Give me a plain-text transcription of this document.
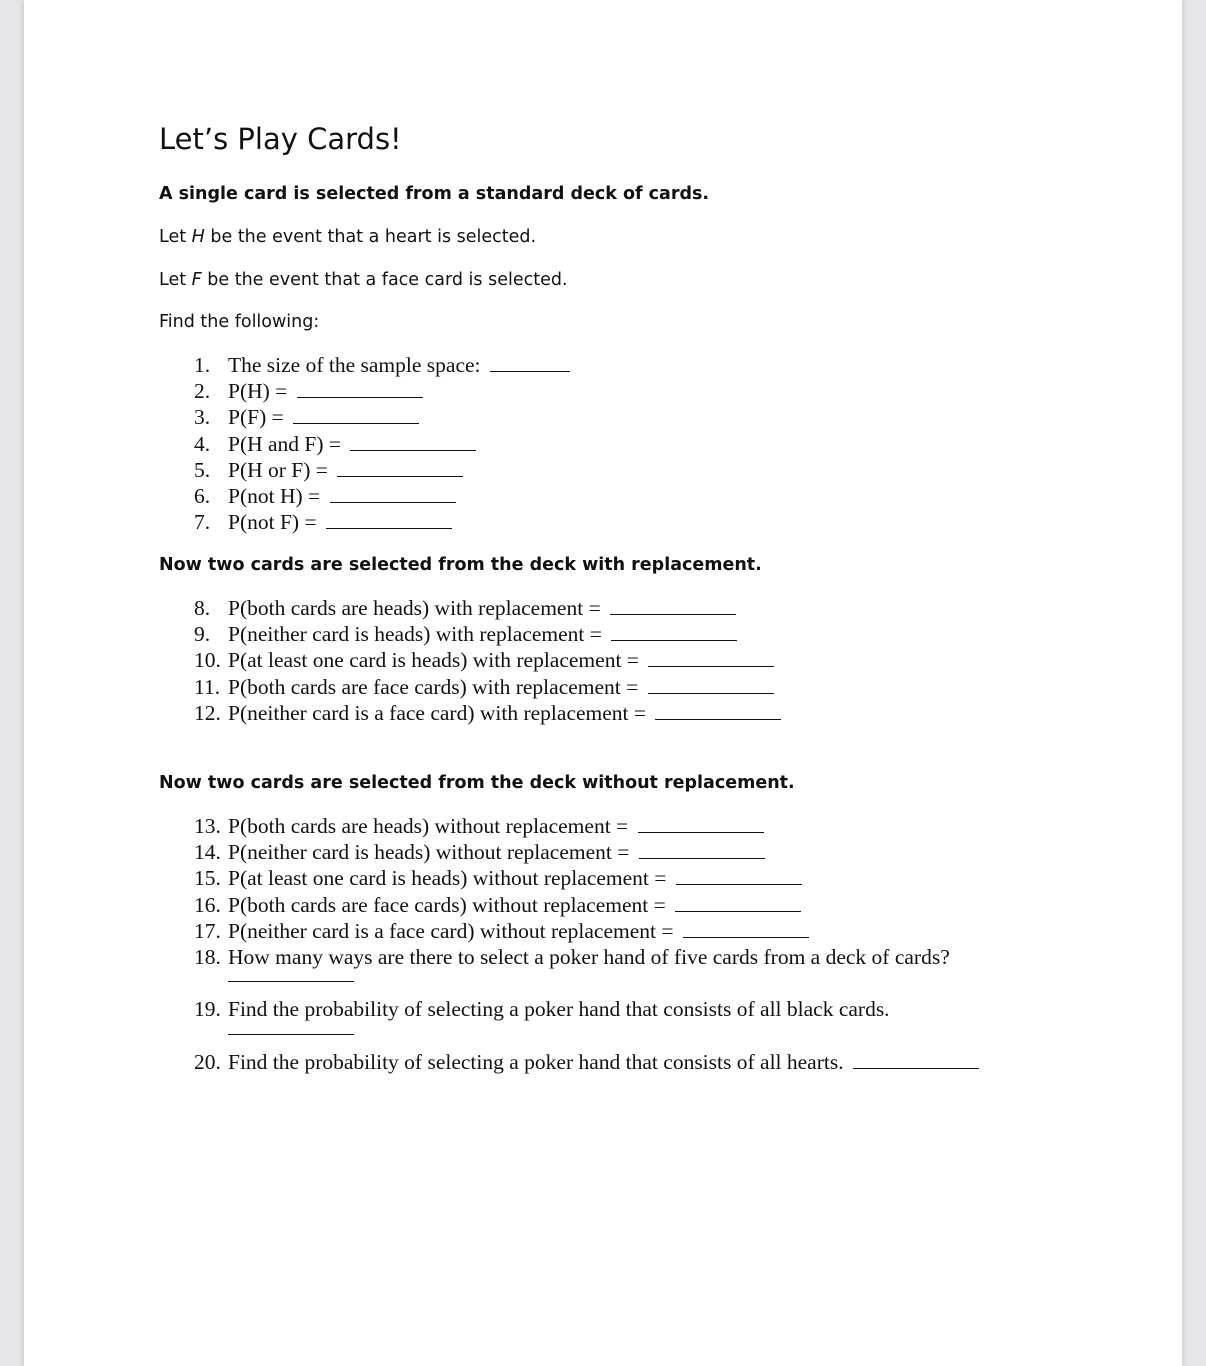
Let’s Play Cards!
A single card is selected from a standard deck of cards.
Let H be the event that a heart is selected.
Let F be the event that a face card is selected.
Find the following:
1. The size of the sample space:
2. P(H) =
3. P(F) =
4. P(H and F) =
5. P(H or F) =
6. P(not H) =
7. P(not F) =
Now two cards are selected from the deck with replacement.
8. P(both cards are heads) with replacement =
9. P(neither card is heads) with replacement =
10. P(at least one card is heads) with replacement =
11. P(both cards are face cards) with replacement =
12. P(neither card is a face card) with replacement =
Now two cards are selected from the deck without replacement.
13. P(both cards are heads) without replacement =
14. P(neither card is heads) without replacement =
15. P(at least one card is heads) without replacement =
16. P(both cards are face cards) without replacement =
17. P(neither card is a face card) without replacement =
18. How many ways are there to select a poker hand of five cards from a deck of cards?
19. Find the probability of selecting a poker hand that consists of all black cards.
20. Find the probability of selecting a poker hand that consists of all hearts.
